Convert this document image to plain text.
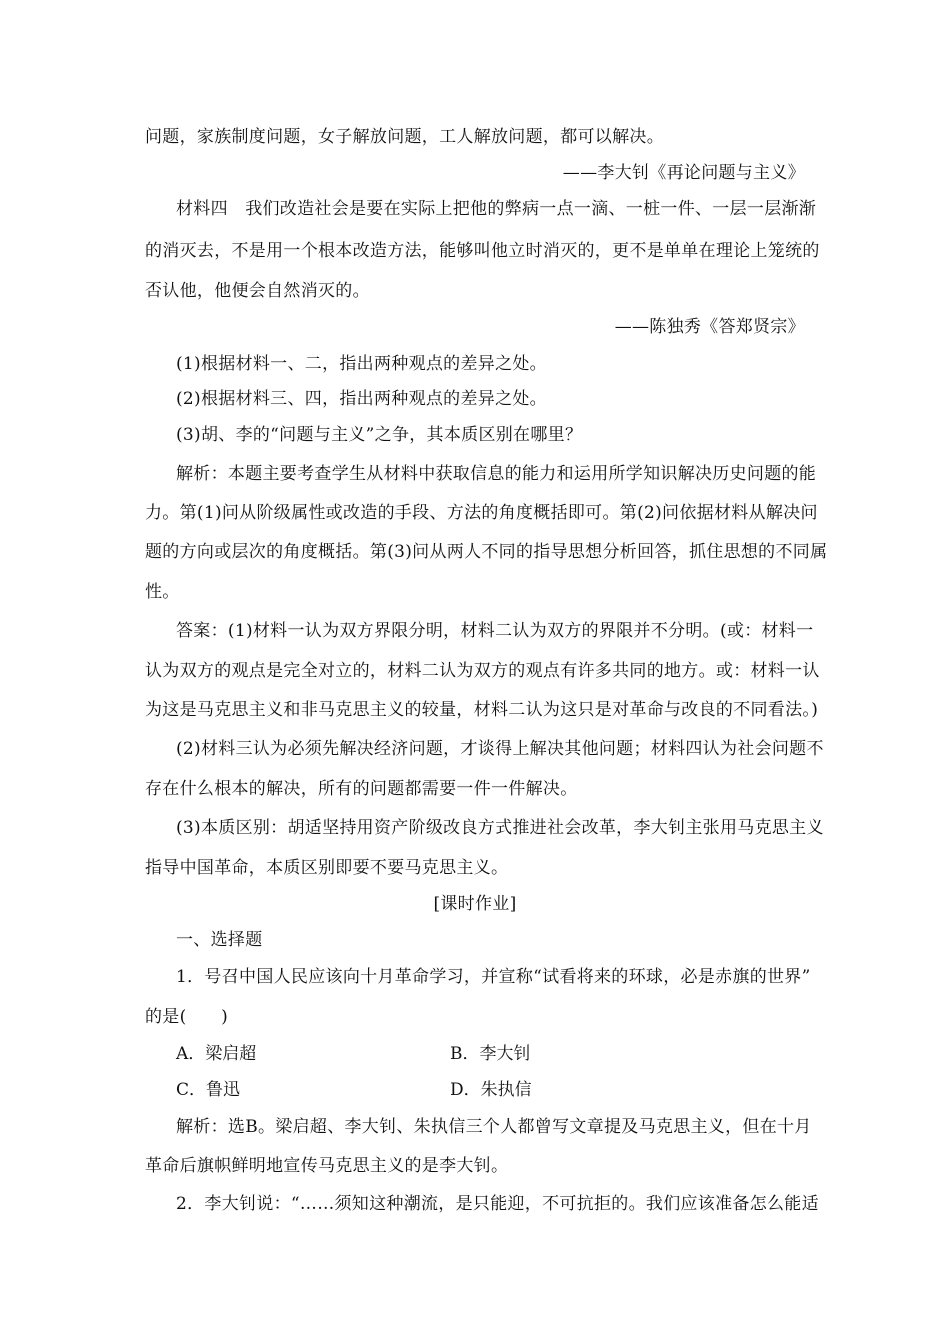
问题，家族制度问题，女子解放问题，工人解放问题，都可以解决。
——李大钊《再论问题与主义》
材料四　我们改造社会是要在实际上把他的弊病一点一滴、一桩一件、一层一层渐渐
的消灭去，不是用一个根本改造方法，能够叫他立时消灭的，更不是单单在理论上笼统的
否认他，他便会自然消灭的。
——陈独秀《答郑贤宗》
(1)根据材料一、二，指出两种观点的差异之处。
(2)根据材料三、四，指出两种观点的差异之处。
(3)胡、李的“问题与主义”之争，其本质区别在哪里？
解析：本题主要考查学生从材料中获取信息的能力和运用所学知识解决历史问题的能
力。第(1)问从阶级属性或改造的手段、方法的角度概括即可。第(2)问依据材料从解决问
题的方向或层次的角度概括。第(3)问从两人不同的指导思想分析回答，抓住思想的不同属
性。
答案：(1)材料一认为双方界限分明，材料二认为双方的界限并不分明。(或：材料一
认为双方的观点是完全对立的，材料二认为双方的观点有许多共同的地方。或：材料一认
为这是马克思主义和非马克思主义的较量，材料二认为这只是对革命与改良的不同看法。)
(2)材料三认为必须先解决经济问题，才谈得上解决其他问题；材料四认为社会问题不
存在什么根本的解决，所有的问题都需要一件一件解决。
(3)本质区别：胡适坚持用资产阶级改良方式推进社会改革，李大钊主张用马克思主义
指导中国革命，本质区别即要不要马克思主义。
[课时作业]
一、选择题
1．号召中国人民应该向十月革命学习，并宣称“试看将来的环球，必是赤旗的世界”
的是(　　)
A．梁启超	B．李大钊
C．鲁迅	D．朱执信
解析：选B。梁启超、李大钊、朱执信三个人都曾写文章提及马克思主义，但在十月
革命后旗帜鲜明地宣传马克思主义的是李大钊。
2．李大钊说：“……须知这种潮流，是只能迎，不可抗拒的。我们应该准备怎么能适
